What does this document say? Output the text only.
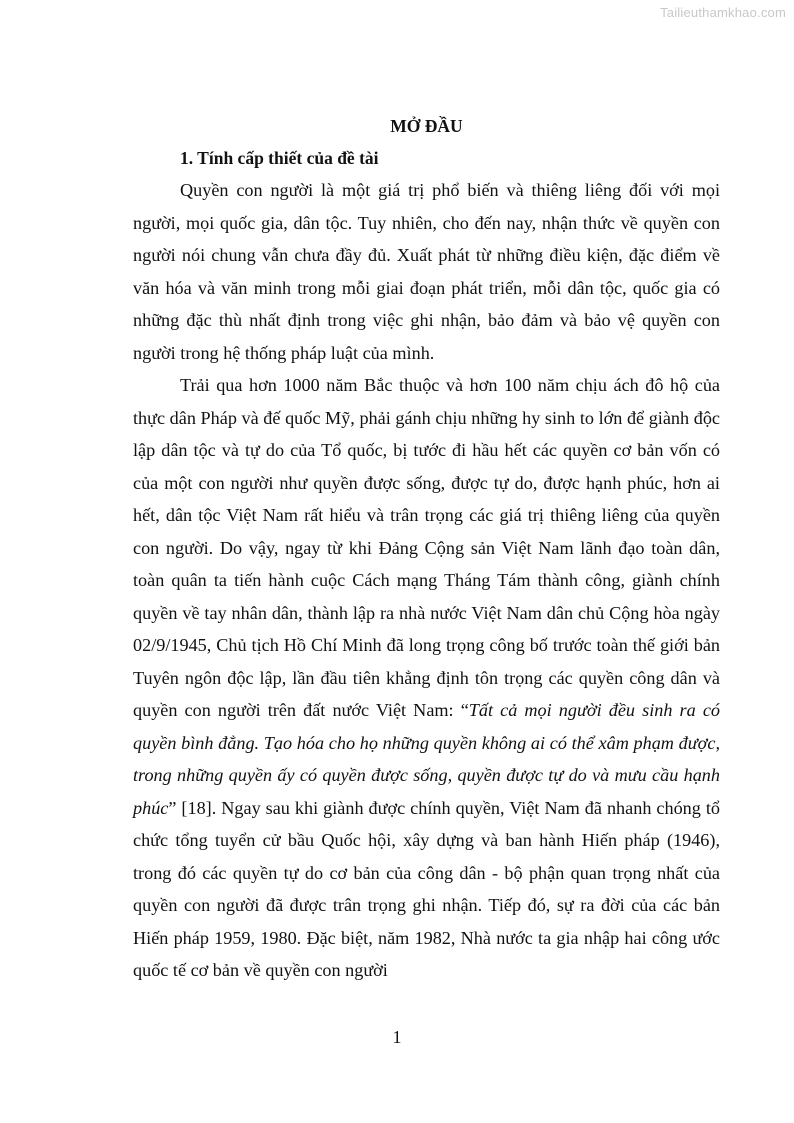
Tailieuthamkhao.com

MỞ ĐẦU

1. Tính cấp thiết của đề tài

Quyền con người là một giá trị phổ biến và thiêng liêng đối với mọi người, mọi quốc gia, dân tộc. Tuy nhiên, cho đến nay, nhận thức về quyền con người nói chung vẫn chưa đầy đủ. Xuất phát từ những điều kiện, đặc điểm về văn hóa và văn minh trong mỗi giai đoạn phát triển, mỗi dân tộc, quốc gia có những đặc thù nhất định trong việc ghi nhận, bảo đảm và bảo vệ quyền con người trong hệ thống pháp luật của mình.

Trải qua hơn 1000 năm Bắc thuộc và hơn 100 năm chịu ách đô hộ của thực dân Pháp và đế quốc Mỹ, phải gánh chịu những hy sinh to lớn để giành độc lập dân tộc và tự do của Tổ quốc, bị tước đi hầu hết các quyền cơ bản vốn có của một con người như quyền được sống, được tự do, được hạnh phúc, hơn ai hết, dân tộc Việt Nam rất hiểu và trân trọng các giá trị thiêng liêng của quyền con người. Do vậy, ngay từ khi Đảng Cộng sản Việt Nam lãnh đạo toàn dân, toàn quân ta tiến hành cuộc Cách mạng Tháng Tám thành công, giành chính quyền về tay nhân dân, thành lập ra nhà nước Việt Nam dân chủ Cộng hòa ngày 02/9/1945, Chủ tịch Hồ Chí Minh đã long trọng công bố trước toàn thế giới bản Tuyên ngôn độc lập, lần đầu tiên khẳng định tôn trọng các quyền công dân và quyền con người trên đất nước Việt Nam: “Tất cả mọi người đều sinh ra có quyền bình đẳng. Tạo hóa cho họ những quyền không ai có thể xâm phạm được, trong những quyền ấy có quyền được sống, quyền được tự do và mưu cầu hạnh phúc” [18]. Ngay sau khi giành được chính quyền, Việt Nam đã nhanh chóng tổ chức tổng tuyển cử bầu Quốc hội, xây dựng và ban hành Hiến pháp (1946), trong đó các quyền tự do cơ bản của công dân - bộ phận quan trọng nhất của quyền con người đã được trân trọng ghi nhận. Tiếp đó, sự ra đời của các bản Hiến pháp 1959, 1980. Đặc biệt, năm 1982, Nhà nước ta gia nhập hai công ước quốc tế cơ bản về quyền con người

1
